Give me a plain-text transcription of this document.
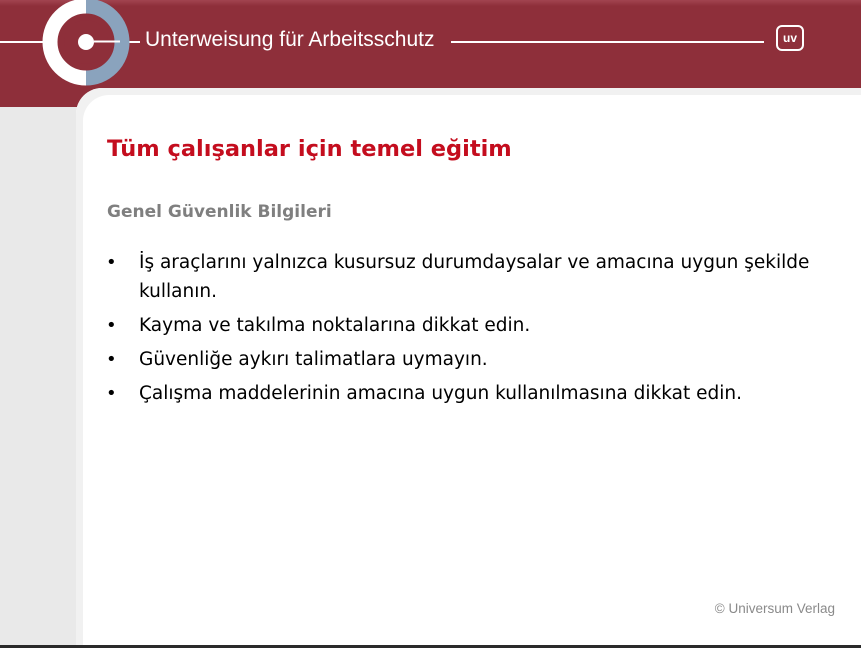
Unterweisung für Arbeitsschutz	uv
Tüm çalışanlar için temel eğitim
Genel Güvenlik Bilgileri
• İş araçlarını yalnızca kusursuz durumdaysalar ve amacına uygun şekilde kullanın.
• Kayma ve takılma noktalarına dikkat edin.
• Güvenliğe aykırı talimatlara uymayın.
• Çalışma maddelerinin amacına uygun kullanılmasına dikkat edin.
© Universum Verlag
